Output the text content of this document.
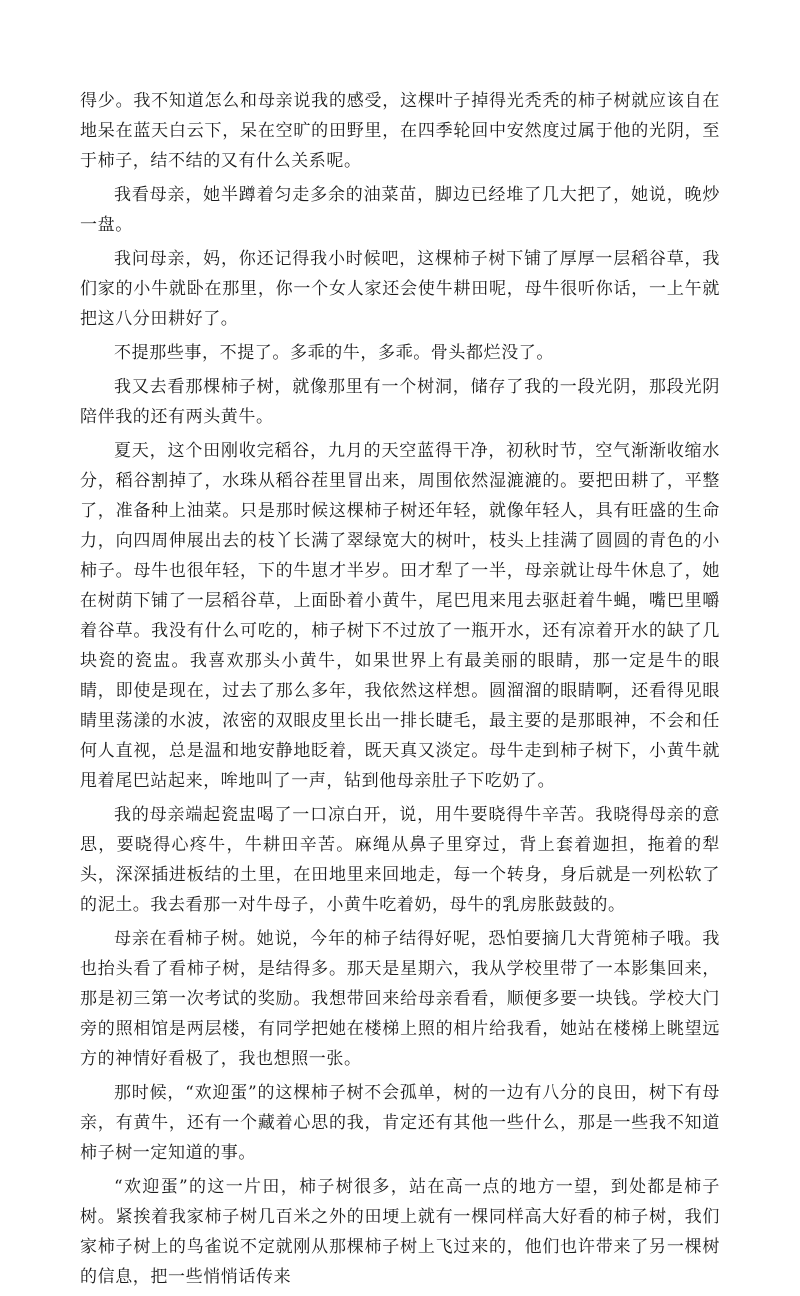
得少。我不知道怎么和母亲说我的感受，这棵叶子掉得光秃秃的柿子树就应该自在地呆在蓝天白云下，呆在空旷的田野里，在四季轮回中安然度过属于他的光阴，至于柿子，结不结的又有什么关系呢。

我看母亲，她半蹲着匀走多余的油菜苗，脚边已经堆了几大把了，她说，晚炒一盘。

我问母亲，妈，你还记得我小时候吧，这棵柿子树下铺了厚厚一层稻谷草，我们家的小牛就卧在那里，你一个女人家还会使牛耕田呢，母牛很听你话，一上午就把这八分田耕好了。

不提那些事，不提了。多乖的牛，多乖。骨头都烂没了。

我又去看那棵柿子树，就像那里有一个树洞，储存了我的一段光阴，那段光阴陪伴我的还有两头黄牛。

夏天，这个田刚收完稻谷，九月的天空蓝得干净，初秋时节，空气渐渐收缩水分，稻谷割掉了，水珠从稻谷茬里冒出来，周围依然湿漉漉的。要把田耕了，平整了，准备种上油菜。只是那时候这棵柿子树还年轻，就像年轻人，具有旺盛的生命力，向四周伸展出去的枝丫长满了翠绿宽大的树叶，枝头上挂满了圆圆的青色的小柿子。母牛也很年轻，下的牛崽才半岁。田才犁了一半，母亲就让母牛休息了，她在树荫下铺了一层稻谷草，上面卧着小黄牛，尾巴甩来甩去驱赶着牛蝇，嘴巴里嚼着谷草。我没有什么可吃的，柿子树下不过放了一瓶开水，还有凉着开水的缺了几块瓷的瓷盅。我喜欢那头小黄牛，如果世界上有最美丽的眼睛，那一定是牛的眼睛，即使是现在，过去了那么多年，我依然这样想。圆溜溜的眼睛啊，还看得见眼睛里荡漾的水波，浓密的双眼皮里长出一排长睫毛，最主要的是那眼神，不会和任何人直视，总是温和地安静地眨着，既天真又淡定。母牛走到柿子树下，小黄牛就甩着尾巴站起来，哞地叫了一声，钻到他母亲肚子下吃奶了。

我的母亲端起瓷盅喝了一口凉白开，说，用牛要晓得牛辛苦。我晓得母亲的意思，要晓得心疼牛，牛耕田辛苦。麻绳从鼻子里穿过，背上套着迦担，拖着的犁头，深深插进板结的土里，在田地里来回地走，每一个转身，身后就是一列松软了的泥土。我去看那一对牛母子，小黄牛吃着奶，母牛的乳房胀鼓鼓的。

母亲在看柿子树。她说，今年的柿子结得好呢，恐怕要摘几大背篼柿子哦。我也抬头看了看柿子树，是结得多。那天是星期六，我从学校里带了一本影集回来，那是初三第一次考试的奖励。我想带回来给母亲看看，顺便多要一块钱。学校大门旁的照相馆是两层楼，有同学把她在楼梯上照的相片给我看，她站在楼梯上眺望远方的神情好看极了，我也想照一张。

那时候，“欢迎蛋”的这棵柿子树不会孤单，树的一边有八分的良田，树下有母亲，有黄牛，还有一个藏着心思的我，肯定还有其他一些什么，那是一些我不知道柿子树一定知道的事。

“欢迎蛋”的这一片田，柿子树很多，站在高一点的地方一望，到处都是柿子树。紧挨着我家柿子树几百米之外的田埂上就有一棵同样高大好看的柿子树，我们家柿子树上的鸟雀说不定就刚从那棵柿子树上飞过来的，他们也许带来了另一棵树的信息，把一些悄悄话传来
